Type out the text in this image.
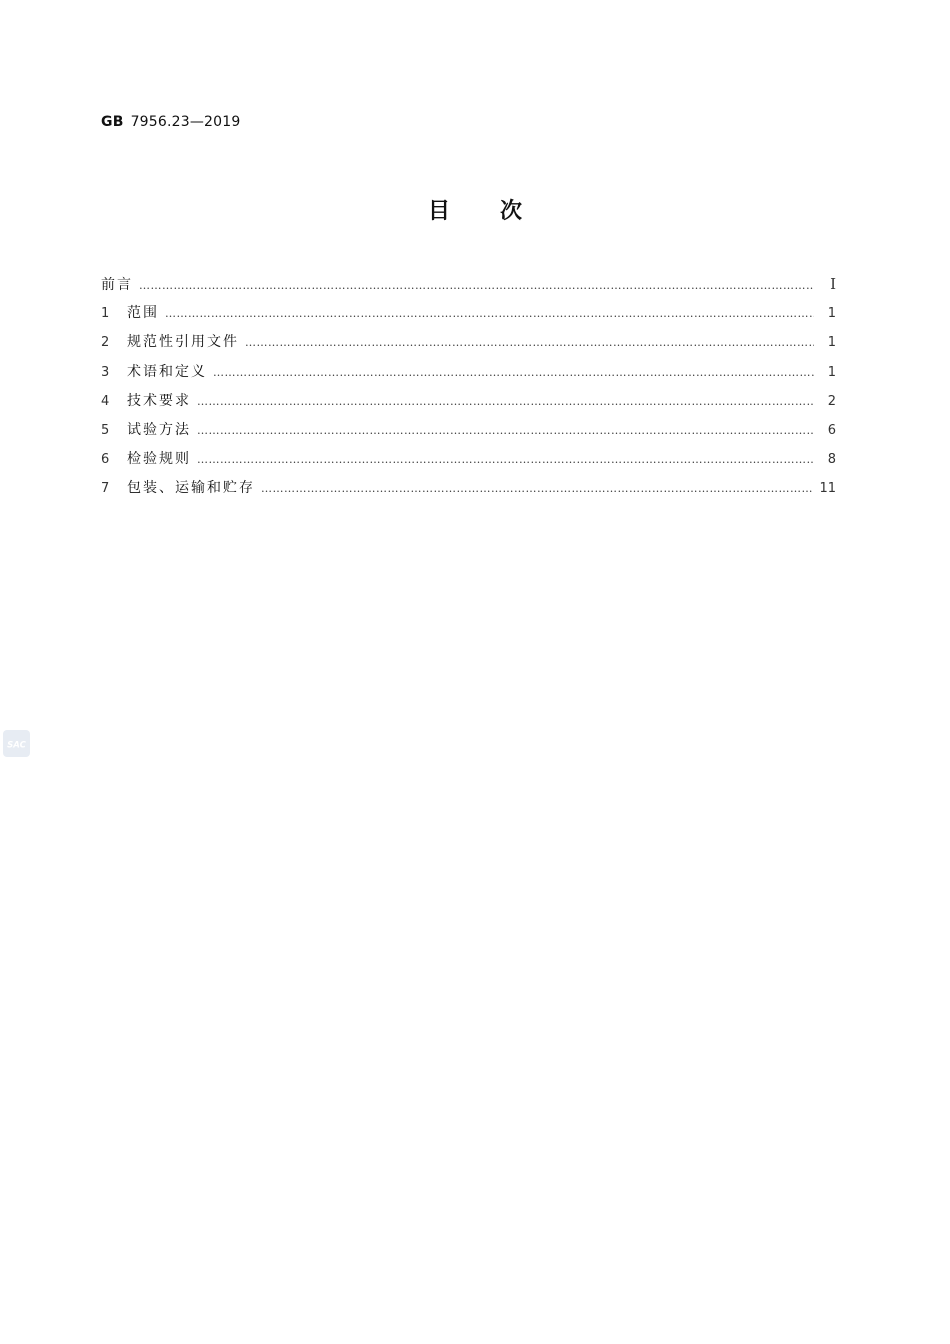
GB 7956.23—2019
目次
前言 ……………………………………………………………………………………………………………………………………………………………………………………	Ⅰ
1	范围 ……………………………………………………………………………………………………………………………………………………………………………………	1
2	规范性引用文件 ……………………………………………………………………………………………………………………………………………………………………………………	1
3	术语和定义 ……………………………………………………………………………………………………………………………………………………………………………………	1
4	技术要求 ……………………………………………………………………………………………………………………………………………………………………………………	2
5	试验方法 ……………………………………………………………………………………………………………………………………………………………………………………	6
6	检验规则 ……………………………………………………………………………………………………………………………………………………………………………………	8
7	包装、运输和贮存 ……………………………………………………………………………………………………………………………………………………………………………………	11
SAC
